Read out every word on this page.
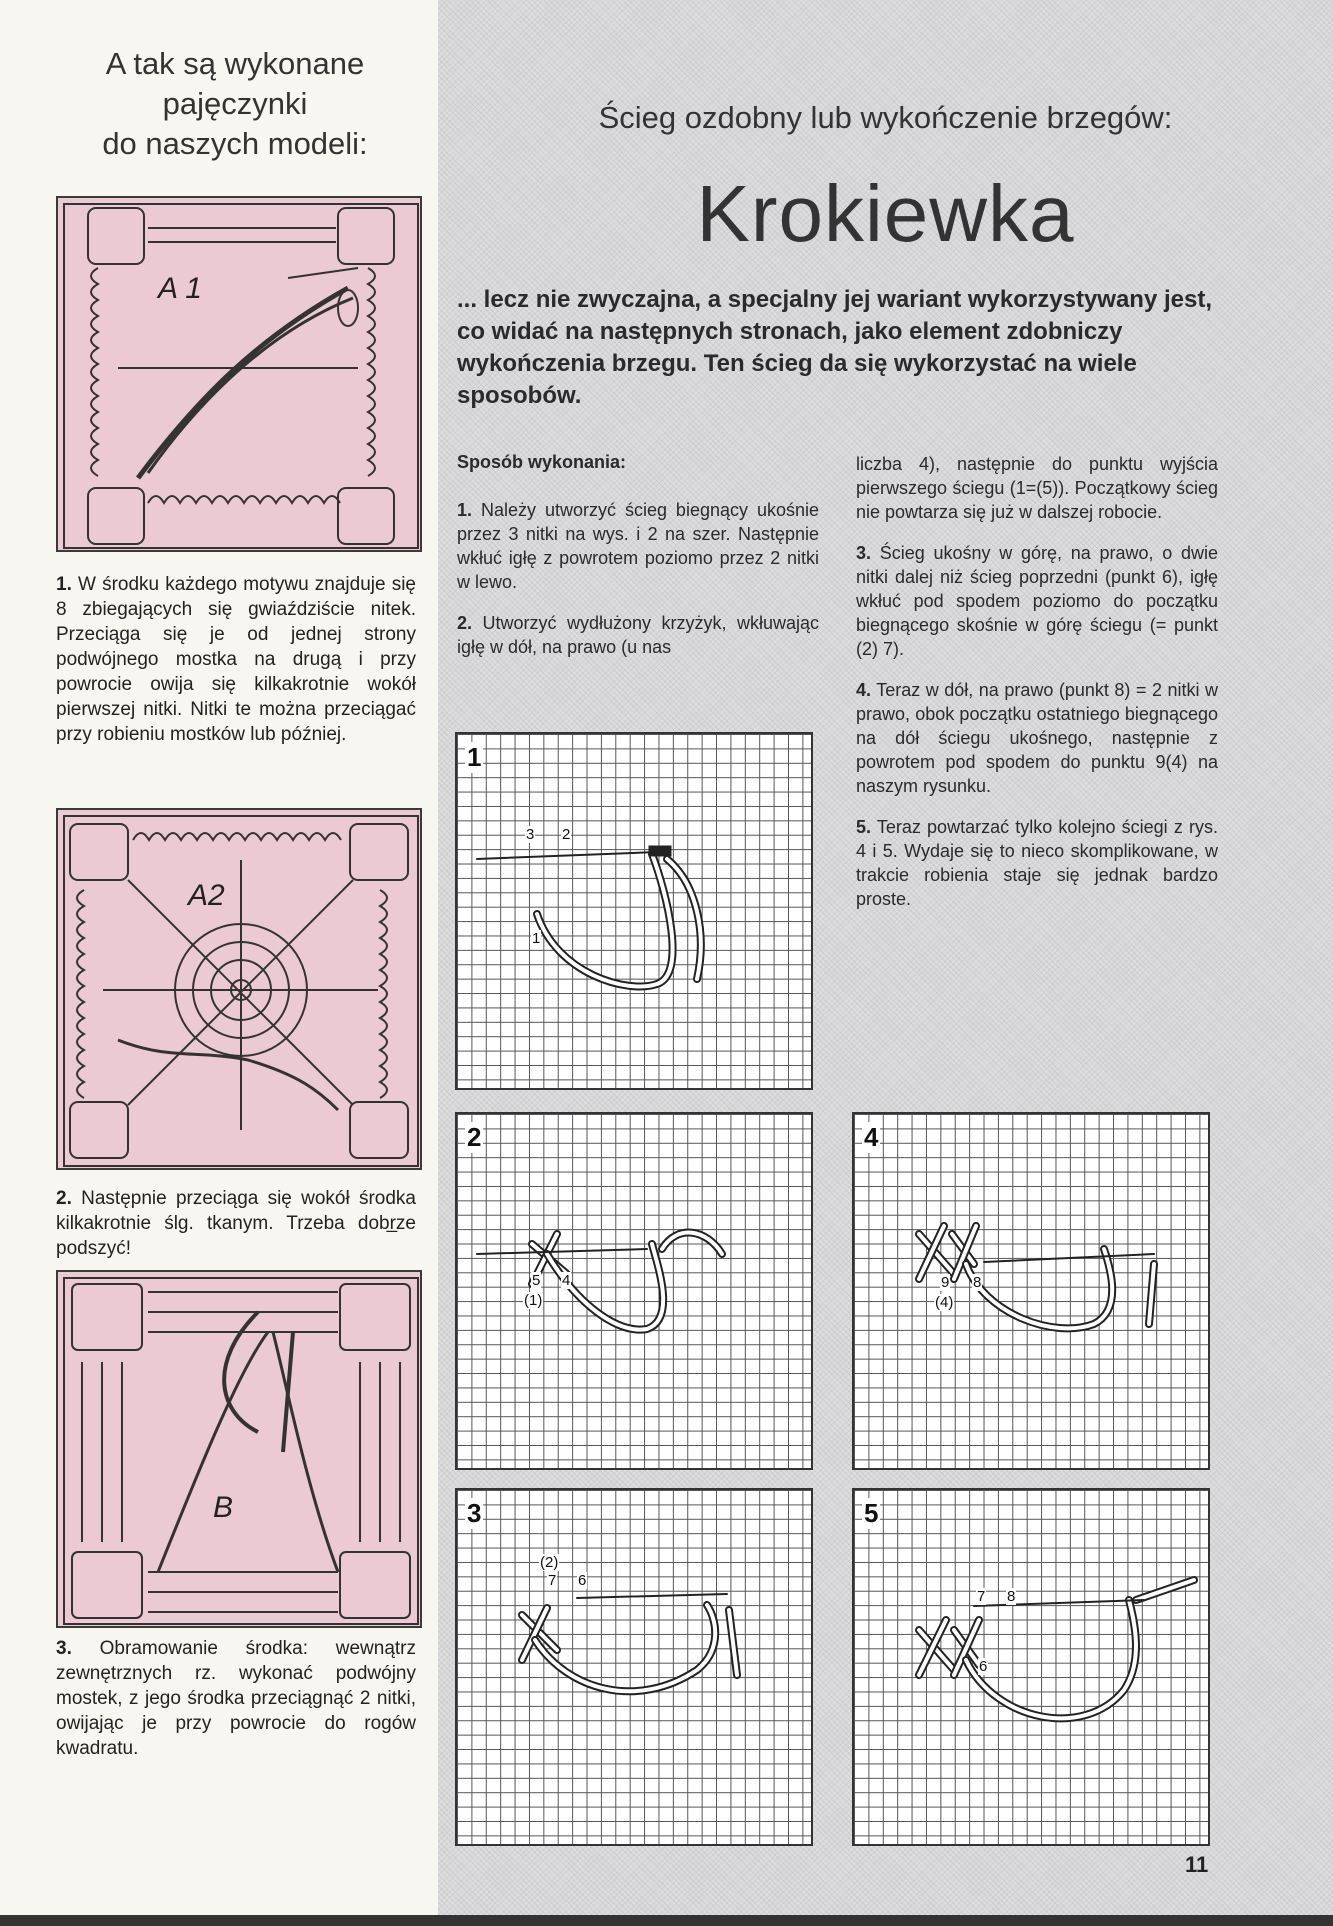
A tak są wykonane
pajęczynki
do naszych modeli:
A 1
1. W środku każdego motywu znajduje się 8 zbiegających się gwiaździście nitek. Przeciąga się je od jednej strony podwójnego mostka na drugą i przy powrocie owija się kilkakrotnie wokół pierwszej nitki. Nitki te można przeciągać przy robieniu mostków lub później.
A2
2. Następnie przeciąga się wokół środka kilkakrotnie ślg. tkanym. Trzeba dobr̲ze podszyć!
B
3. Obramowanie środka: wewnątrz zewnętrznych rz. wykonać podwójny mostek, z jego środka przeciągnąć 2 nitki, owijając je przy powrocie do rogów kwadratu.
Ścieg ozdobny lub wykończenie brzegów:
Krokiewka
... lecz nie zwyczajna, a specjalny jej wariant wykorzystywany jest, co widać na następnych stronach, jako element zdobniczy wykończenia brzegu. Ten ścieg da się wykorzystać na wiele sposobów.
Sposób wykonania:

1. Należy utworzyć ścieg biegnący ukośnie przez 3 nitki na wys. i 2 na szer. Następnie wkłuć igłę z powrotem poziomo przez 2 nitki w lewo.

2. Utworzyć wydłużony krzyżyk, wkłuwając igłę w dół, na prawo (u nas

liczba 4), następnie do punktu wyjścia pierwszego ściegu (1=(5)). Początkowy ścieg nie powtarza się już w dalszej robocie.

3. Ścieg ukośny w górę, na prawo, o dwie nitki dalej niż ścieg poprzedni (punkt 6), igłę wkłuć pod spodem poziomo do początku biegnącego skośnie w górę ściegu (= punkt (2) 7).

4. Teraz w dół, na prawo (punkt 8) = 2 nitki w prawo, obok początku ostatniego biegnącego na dół ściegu ukośnego, następnie z powrotem pod spodem do punktu 9(4) na naszym rysunku.

5. Teraz powtarzać tylko kolejno ściegi z rys. 4 i 5. Wydaje się to nieco skomplikowane, w trakcie robienia staje się jednak bardzo proste.

1
3 2
1
2
5 4
(1)
3
(2)
7 6
4
9 8
(4)
5
7 8
6
11
